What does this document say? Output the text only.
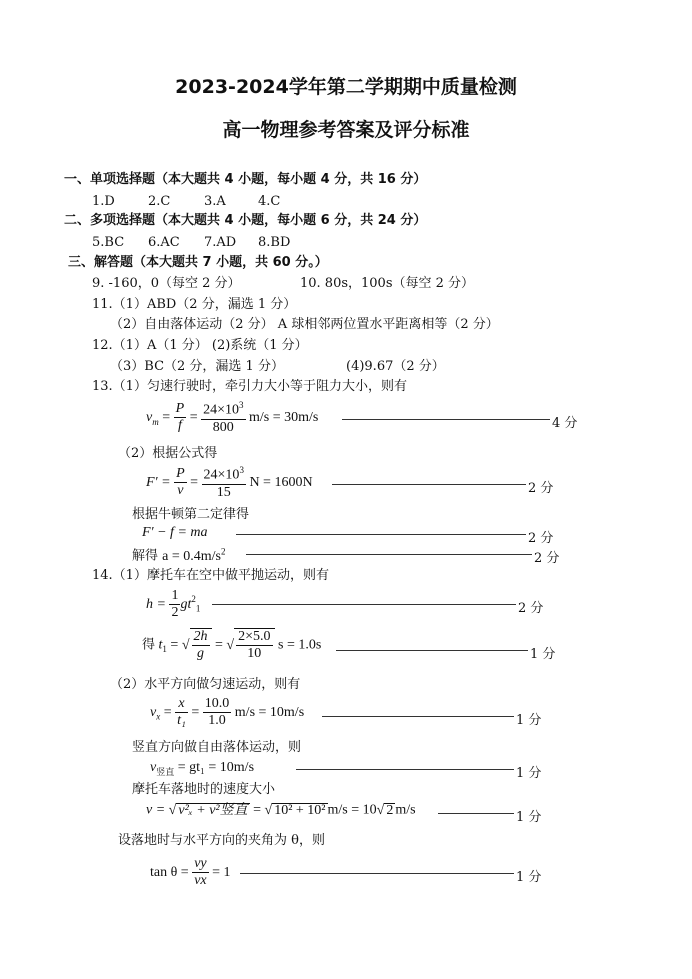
2023-2024学年第二学期期中质量检测
高一物理参考答案及评分标准
一、单项选择题（本大题共 4 小题，每小题 4 分，共 16 分）
1.D	2.C	3.A 4.C
二、多项选择题（本大题共 4 小题，每小题 6 分，共 24 分）
5.BC 6.AC 7.AD 8.BD
三、解答题（本大题共 7 小题，共 60 分。）
9. -160，0（每空 2 分）	10. 80s，100s（每空 2 分）
11.（1）ABD（2 分，漏选 1 分）
（2）自由落体运动（2 分） A 球相邻两位置水平距离相等（2 分）
12.（1）A（1 分） (2)系统（1 分）
（3）BC（2 分，漏选 1 分）	(4)9.67（2 分）
13.（1）匀速行驶时，牵引力大小等于阻力大小，则有
$v_m = \frac{P}{f} = \frac{24\times 10^3}{800} m/s = 30m/s$	4 分
（2）根据公式得
$F' = \frac{P}{v} = \frac{24\times 10^3}{15}$ N = 1600N	2 分
根据牛顿第二定律得
F′ − f = ma	2 分
解得 $a = 0.4m/s^2$	2 分
14.（1）摩托车在空中做平抛运动，则有
$h = \frac{1}{2} gt^2_1$	2 分
得 $t_1$ = √ $\frac{2h}{g}$ = √ $\frac{2\times 5.0}{10}$ s = 1.0s
1 分
（2）水平方向做匀速运动，则有
$v_x = \frac{x}{\text{t₁}} = \frac{10.0}{1.0} m/s = 10m/s$
1 分
竖直方向做自由落体运动，则
$v_{竖直} = gt_1 = 10m/s$	1 分
摩托车落地时的速度大小
v = √ v²ₓ + v²竖直 = √ 10² + 10² m/s = 10√ 2 m/s	1 分
设落地时与水平方向的夹角为 θ，则
$\tan \theta = \frac{vy}{vx} = 1$	1 分
